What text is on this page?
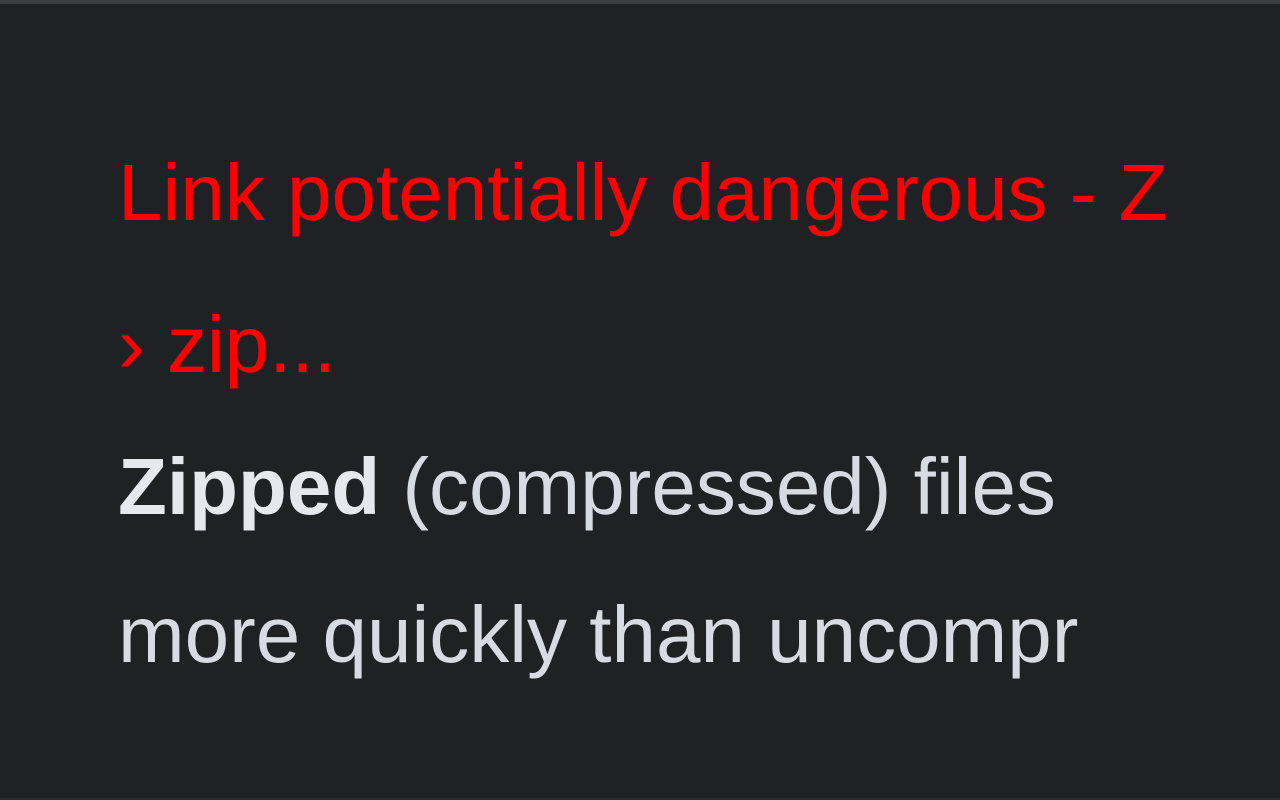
Link potentially dangerous - Z
› zip...
Zipped (compressed) files
more quickly than uncompr
